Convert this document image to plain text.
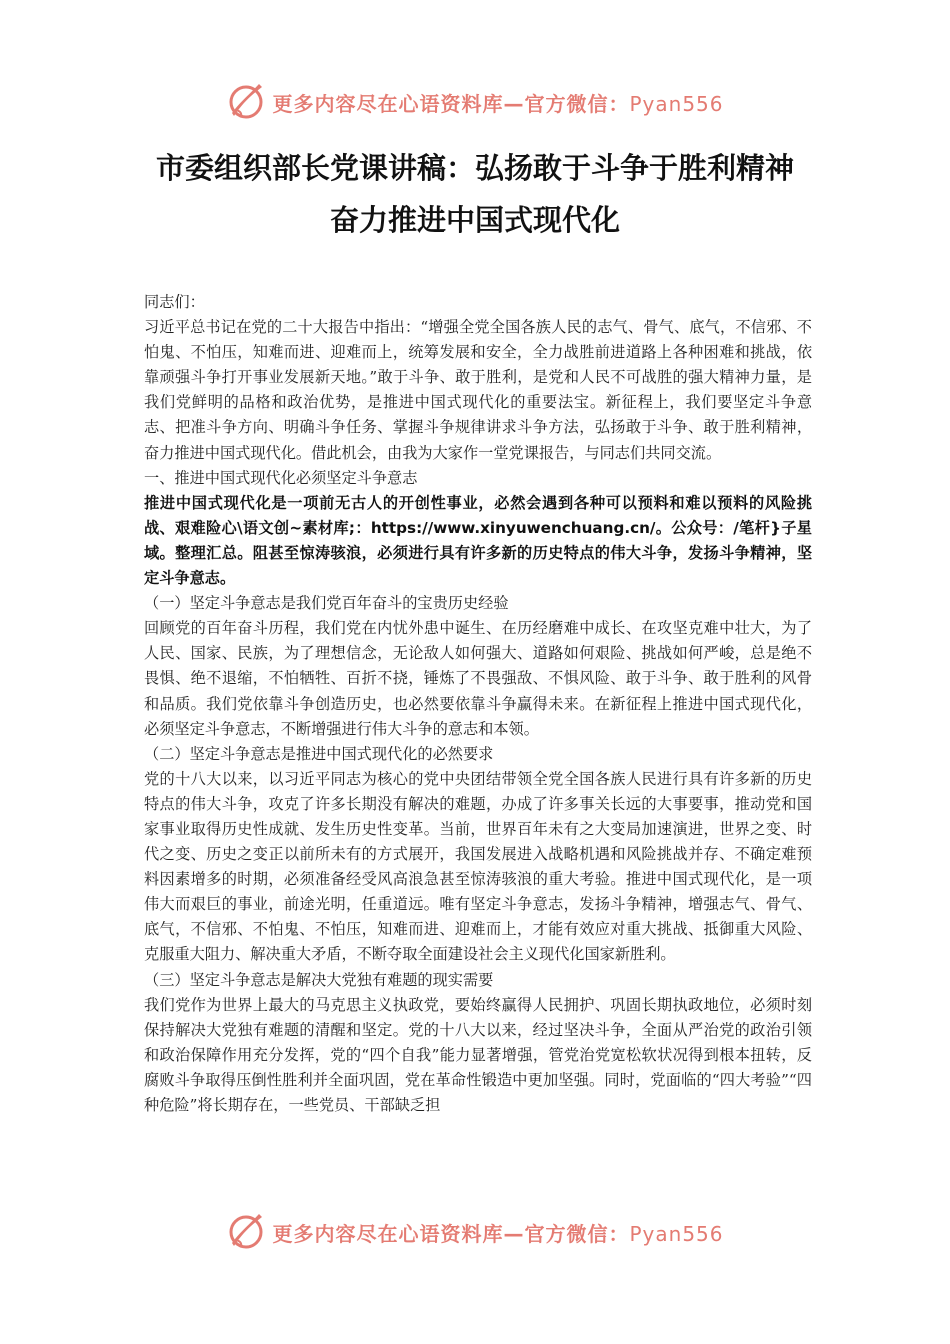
更多内容尽在心语资料库—官方微信：Pyan556
市委组织部长党课讲稿：弘扬敢于斗争于胜利精神
奋力推进中国式现代化

同志们：

习近平总书记在党的二十大报告中指出：“增强全党全国各族人民的志气、骨气、底气，不信邪、不怕鬼、不怕压，知难而进、迎难而上，统筹发展和安全，全力战胜前进道路上各种困难和挑战，依靠顽强斗争打开事业发展新天地。”敢于斗争、敢于胜利，是党和人民不可战胜的强大精神力量，是我们党鲜明的品格和政治优势，是推进中国式现代化的重要法宝。新征程上，我们要坚定斗争意志、把准斗争方向、明确斗争任务、掌握斗争规律讲求斗争方法，弘扬敢于斗争、敢于胜利精神，奋力推进中国式现代化。借此机会，由我为大家作一堂党课报告，与同志们共同交流。

一、推进中国式现代化必须坚定斗争意志

推进中国式现代化是一项前无古人的开创性事业，必然会遇到各种可以预料和难以预料的风险挑战、艰难险心\语文创~素材库;：https://www.xinyuwenchuang.cn/。公众号：/笔杆}子星域。整理汇总。阻甚至惊涛骇浪，必须进行具有许多新的历史特点的伟大斗争，发扬斗争精神，坚定斗争意志。

（一）坚定斗争意志是我们党百年奋斗的宝贵历史经验

回顾党的百年奋斗历程，我们党在内忧外患中诞生、在历经磨难中成长、在攻坚克难中壮大，为了人民、国家、民族，为了理想信念，无论敌人如何强大、道路如何艰险、挑战如何严峻，总是绝不畏惧、绝不退缩，不怕牺牲、百折不挠，锤炼了不畏强敌、不惧风险、敢于斗争、敢于胜利的风骨和品质。我们党依靠斗争创造历史，也必然要依靠斗争赢得未来。在新征程上推进中国式现代化，必须坚定斗争意志，不断增强进行伟大斗争的意志和本领。

（二）坚定斗争意志是推进中国式现代化的必然要求

党的十八大以来，以习近平同志为核心的党中央团结带领全党全国各族人民进行具有许多新的历史特点的伟大斗争，攻克了许多长期没有解决的难题，办成了许多事关长远的大事要事，推动党和国家事业取得历史性成就、发生历史性变革。当前，世界百年未有之大变局加速演进，世界之变、时代之变、历史之变正以前所未有的方式展开，我国发展进入战略机遇和风险挑战并存、不确定难预料因素增多的时期，必须准备经受风高浪急甚至惊涛骇浪的重大考验。推进中国式现代化，是一项伟大而艰巨的事业，前途光明，任重道远。唯有坚定斗争意志，发扬斗争精神，增强志气、骨气、底气，不信邪、不怕鬼、不怕压，知难而进、迎难而上，才能有效应对重大挑战、抵御重大风险、克服重大阻力、解决重大矛盾，不断夺取全面建设社会主义现代化国家新胜利。

（三）坚定斗争意志是解决大党独有难题的现实需要

我们党作为世界上最大的马克思主义执政党，要始终赢得人民拥护、巩固长期执政地位，必须时刻保持解决大党独有难题的清醒和坚定。党的十八大以来，经过坚决斗争，全面从严治党的政治引领和政治保障作用充分发挥，党的“四个自我”能力显著增强，管党治党宽松软状况得到根本扭转，反腐败斗争取得压倒性胜利并全面巩固，党在革命性锻造中更加坚强。同时，党面临的“四大考验”“四种危险”将长期存在，一些党员、干部缺乏担

更多内容尽在心语资料库—官方微信：Pyan556
